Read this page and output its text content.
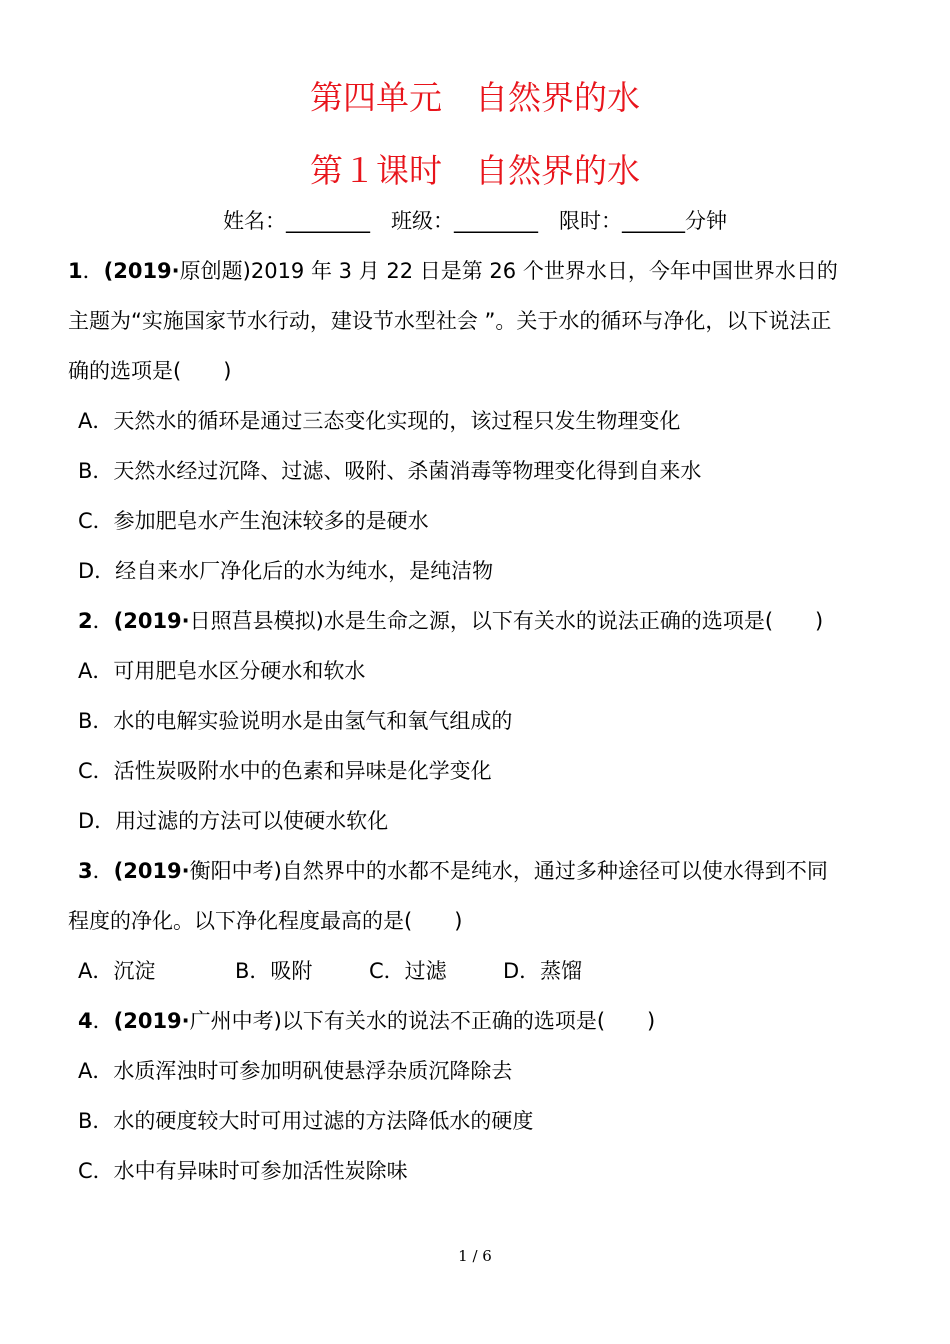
第四单元　自然界的水
第１课时　自然界的水
姓名：________　班级：________　限时：______分钟
1．(2019·原创题)2019 年 3 月 22 日是第 26 个世界水日，今年中国世界水日的
主题为“实施国家节水行动，建设节水型社会 ”。关于水的循环与净化，以下说法正
确的选项是(　　)
A．天然水的循环是通过三态变化实现的，该过程只发生物理变化
B．天然水经过沉降、过滤、吸附、杀菌消毒等物理变化得到自来水
C．参加肥皂水产生泡沫较多的是硬水
D．经自来水厂净化后的水为纯水，是纯洁物
2．(2019·日照莒县模拟)水是生命之源，以下有关水的说法正确的选项是(　　)
A．可用肥皂水区分硬水和软水
B．水的电解实验说明水是由氢气和氧气组成的
C．活性炭吸附水中的色素和异味是化学变化
D．用过滤的方法可以使硬水软化
3．(2019·衡阳中考)自然界中的水都不是纯水，通过多种途径可以使水得到不同
程度的净化。以下净化程度最高的是(　　)

A．沉淀

	B．吸附

	C．过滤

	D．蒸馏

4．(2019·广州中考)以下有关水的说法不正确的选项是(　　)
A．水质浑浊时可参加明矾使悬浮杂质沉降除去
B．水的硬度较大时可用过滤的方法降低水的硬度
C．水中有异味时可参加活性炭除味
1 / 6
